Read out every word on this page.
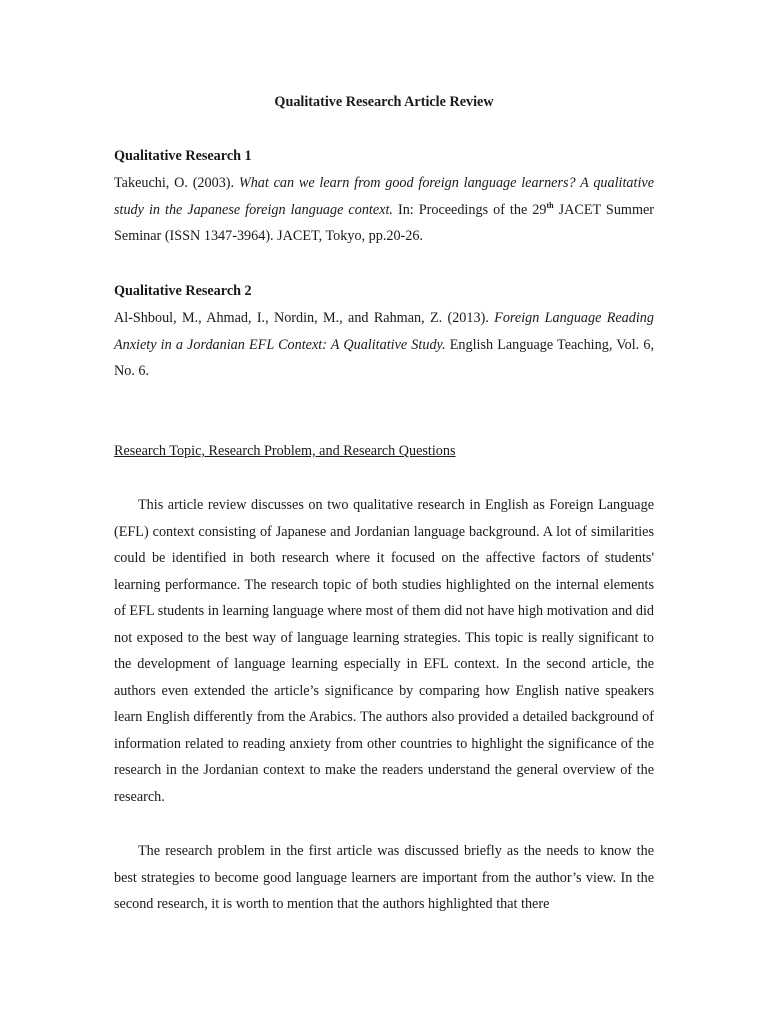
Qualitative Research Article Review
Qualitative Research 1
Takeuchi, O. (2003). What can we learn from good foreign language learners? A qualitative study in the Japanese foreign language context. In: Proceedings of the 29th JACET Summer Seminar (ISSN 1347-3964). JACET, Tokyo, pp.20-26.
Qualitative Research 2
Al-Shboul, M., Ahmad, I., Nordin, M., and Rahman, Z. (2013). Foreign Language Reading Anxiety in a Jordanian EFL Context: A Qualitative Study. English Language Teaching, Vol. 6, No. 6.
Research Topic, Research Problem, and Research Questions

This article review discusses on two qualitative research in English as Foreign Language (EFL) context consisting of Japanese and Jordanian language background. A lot of similarities could be identified in both research where it focused on the affective factors of students' learning performance. The research topic of both studies highlighted on the internal elements of EFL students in learning language where most of them did not have high motivation and did not exposed to the best way of language learning strategies. This topic is really significant to the development of language learning especially in EFL context. In the second article, the authors even extended the article’s significance by comparing how English native speakers learn English differently from the Arabics. The authors also provided a detailed background of information related to reading anxiety from other countries to highlight the significance of the research in the Jordanian context to make the readers understand the general overview of the research.

The research problem in the first article was discussed briefly as the needs to know the best strategies to become good language learners are important from the author’s view. In the second research, it is worth to mention that the authors highlighted that there
